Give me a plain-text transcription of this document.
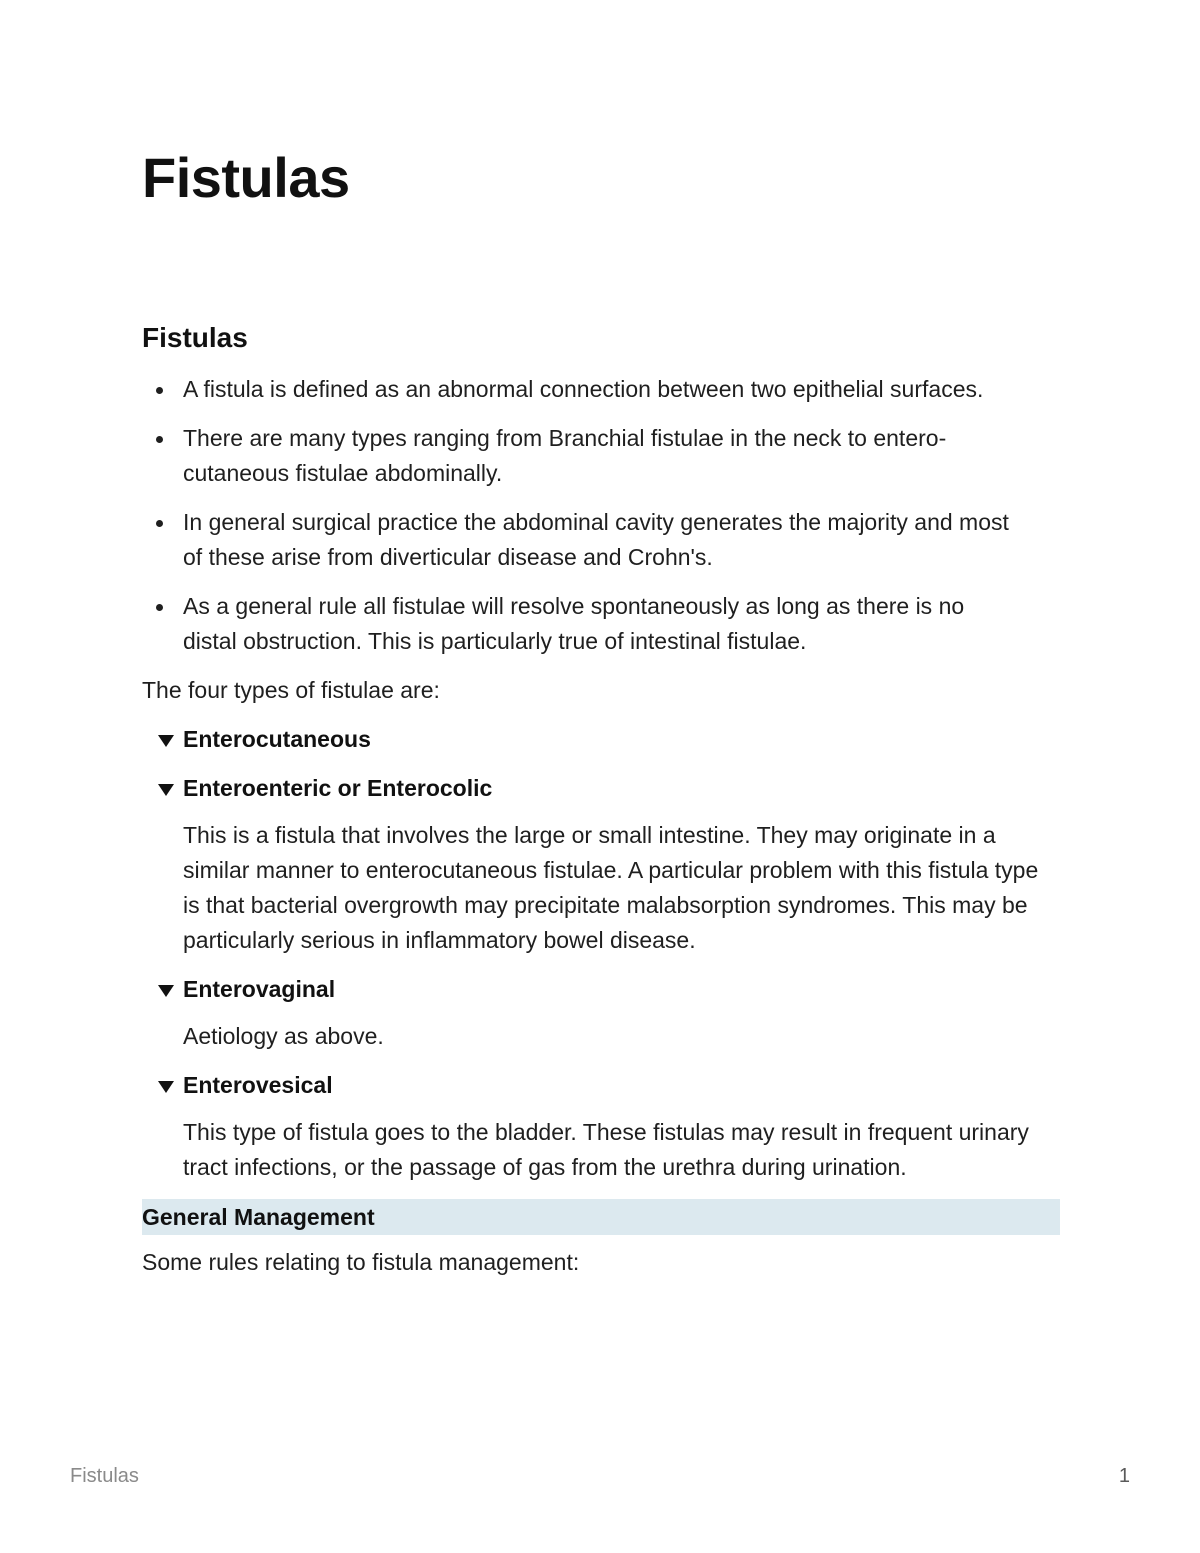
Fistulas
Fistulas
A fistula is defined as an abnormal connection between two epithelial surfaces.
There are many types ranging from Branchial fistulae in the neck to entero-cutaneous fistulae abdominally.
In general surgical practice the abdominal cavity generates the majority and most of these arise from diverticular disease and Crohn's.
As a general rule all fistulae will resolve spontaneously as long as there is no distal obstruction. This is particularly true of intestinal fistulae.

The four types of fistulae are:

Enterocutaneous
Enteroenteric or Enterocolic
This is a fistula that involves the large or small intestine. They may originate in a similar manner to enterocutaneous fistulae. A particular problem with this fistula type is that bacterial overgrowth may precipitate malabsorption syndromes. This may be particularly serious in inflammatory bowel disease.
Enterovaginal
Aetiology as above.
Enterovesical
This type of fistula goes to the bladder. These fistulas may result in frequent urinary tract infections, or the passage of gas from the urethra during urination.
General Management

Some rules relating to fistula management:

Fistulas	1
